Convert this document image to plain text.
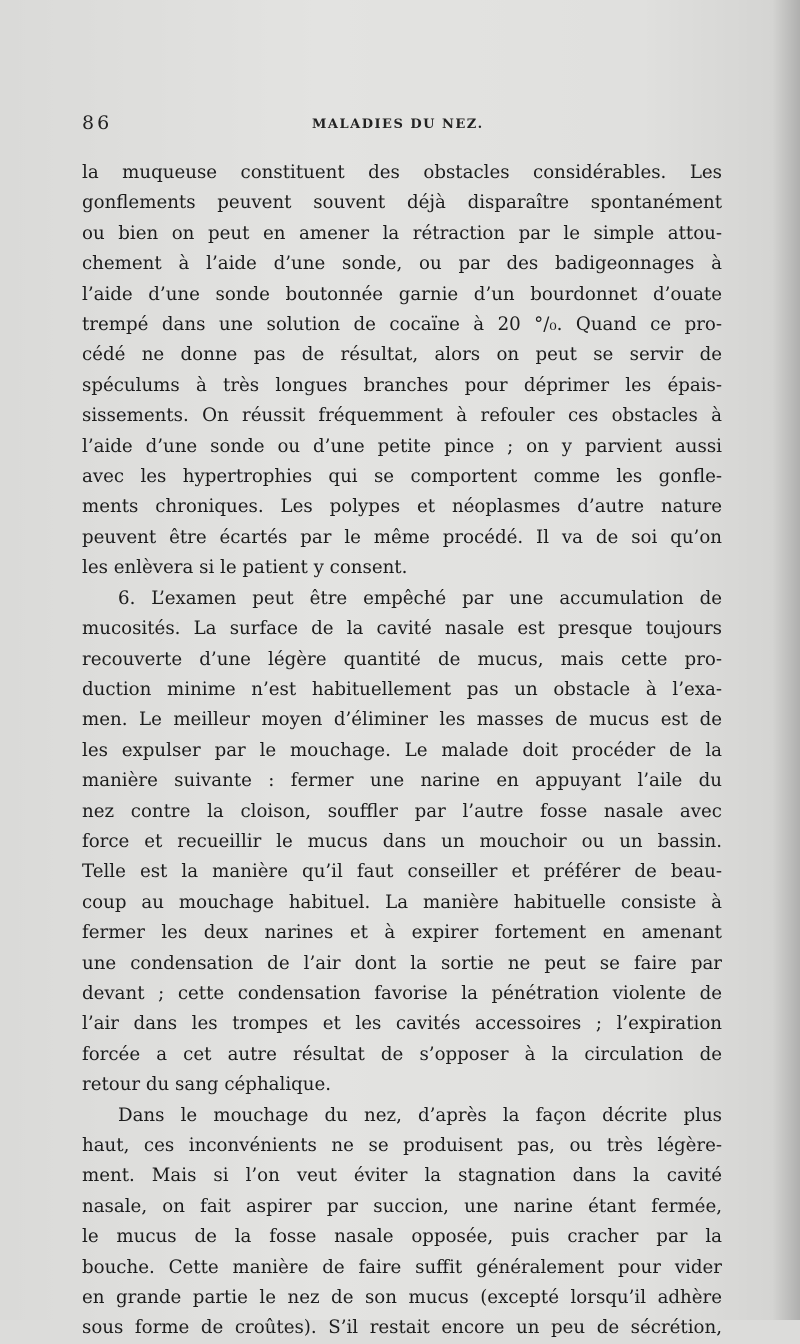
86	MALADIES DU NEZ.
la muqueuse constituent des obstacles considérables. Les
gonflements peuvent souvent déjà disparaître spontanément
ou bien on peut en amener la rétraction par le simple attou-
chement à l’aide d’une sonde, ou par des badigeonnages à
l’aide d’une sonde boutonnée garnie d’un bourdonnet d’ouate
trempé dans une solution de cocaïne à 20 °/₀. Quand ce pro-
cédé ne donne pas de résultat, alors on peut se servir de
spéculums à très longues branches pour déprimer les épais-
sissements. On réussit fréquemment à refouler ces obstacles à
l’aide d’une sonde ou d’une petite pince ; on y parvient aussi
avec les hypertrophies qui se comportent comme les gonfle-
ments chroniques. Les polypes et néoplasmes d’autre nature
peuvent être écartés par le même procédé. Il va de soi qu’on
les enlèvera si le patient y consent.
6. L’examen peut être empêché par une accumulation de
mucosités. La surface de la cavité nasale est presque toujours
recouverte d’une légère quantité de mucus, mais cette pro-
duction minime n’est habituellement pas un obstacle à l’exa-
men. Le meilleur moyen d’éliminer les masses de mucus est de
les expulser par le mouchage. Le malade doit procéder de la
manière suivante : fermer une narine en appuyant l’aile du
nez contre la cloison, souffler par l’autre fosse nasale avec
force et recueillir le mucus dans un mouchoir ou un bassin.
Telle est la manière qu’il faut conseiller et préférer de beau-
coup au mouchage habituel. La manière habituelle consiste à
fermer les deux narines et à expirer fortement en amenant
une condensation de l’air dont la sortie ne peut se faire par
devant ; cette condensation favorise la pénétration violente de
l’air dans les trompes et les cavités accessoires ; l’expiration
forcée a cet autre résultat de s’opposer à la circulation de
retour du sang céphalique.
Dans le mouchage du nez, d’après la façon décrite plus
haut, ces inconvénients ne se produisent pas, ou très légère-
ment. Mais si l’on veut éviter la stagnation dans la cavité
nasale, on fait aspirer par succion, une narine étant fermée,
le mucus de la fosse nasale opposée, puis cracher par la
bouche. Cette manière de faire suffit généralement pour vider
en grande partie le nez de son mucus (excepté lorsqu’il adhère
sous forme de croûtes). S’il restait encore un peu de sécrétion,
